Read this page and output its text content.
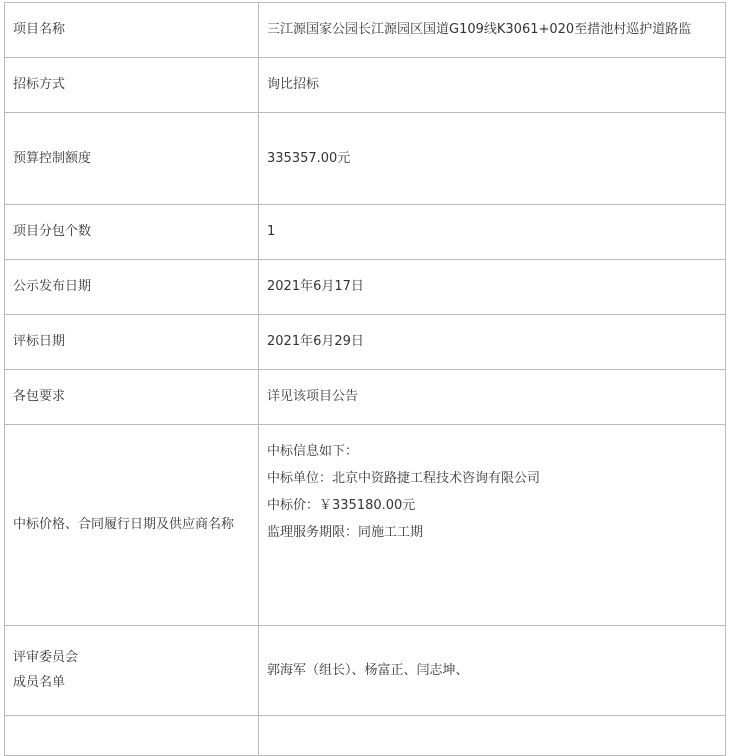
项目名称	三江源国家公园长江源园区国道G109线K3061+020至措池村巡护道路监
招标方式	询比招标
预算控制额度	335357.00元
项目分包个数	1
公示发布日期	2021年6月17日
评标日期	2021年6月29日
各包要求	详见该项目公告
中标价格、合同履行日期及供应商名称	中标信息如下：
中标单位：北京中资路捷工程技术咨询有限公司
中标价：￥335180.00元
监理服务期限：同施工工期

评审委员会
成员名单	郭海军（组长）、杨富正、闫志坤、
